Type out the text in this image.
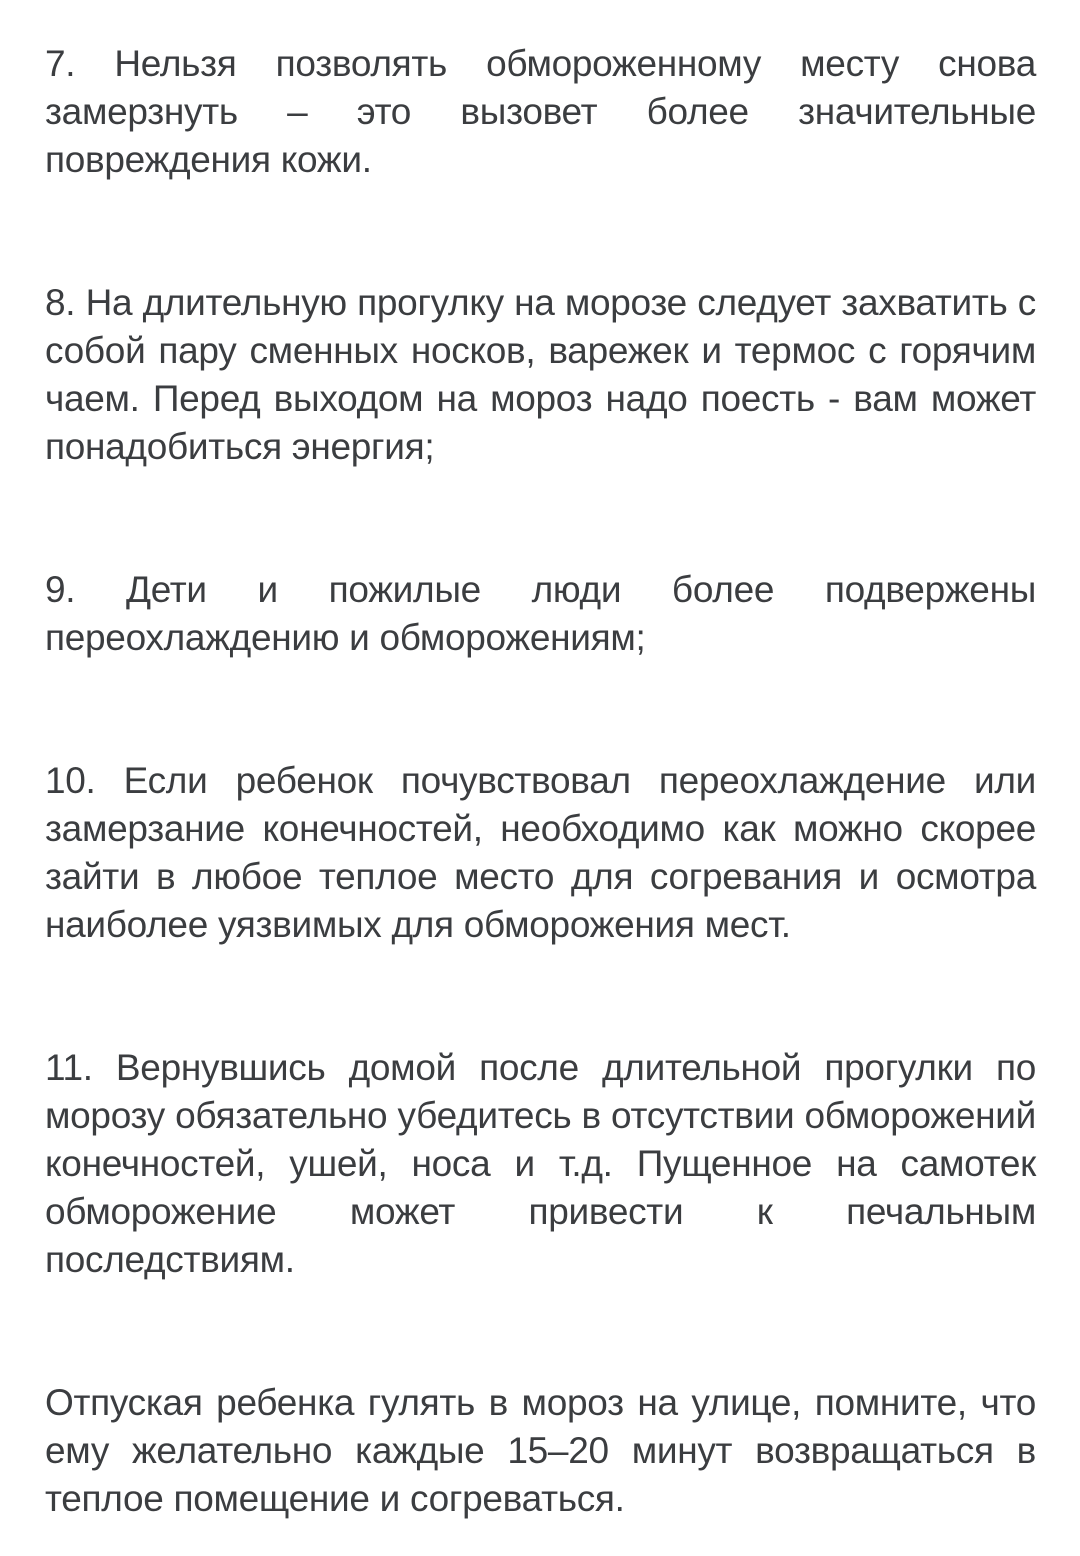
7. Нельзя позволять обмороженному месту снова замерзнуть – это вызовет более значительные повреждения кожи.

8. На длительную прогулку на морозе следует захватить с собой пару сменных носков, варежек и термос с горячим чаем. Перед выходом на мороз надо поесть - вам может понадобиться энергия;

9. Дети и пожилые люди более подвержены переохлаждению и обморожениям;

10. Если ребенок почувствовал переохлаждение или замерзание конечностей, необходимо как можно скорее зайти в любое теплое место для согревания и осмотра наиболее уязвимых для обморожения мест.

11. Вернувшись домой после длительной прогулки по морозу обязательно убедитесь в отсутствии обморожений конечностей, ушей, носа и т.д. Пущенное на самотек обморожение может привести к печальным последствиям.

Отпуская ребенка гулять в мороз на улице, помните, что ему желательно каждые 15–20 минут возвращаться в теплое помещение и согреваться.
